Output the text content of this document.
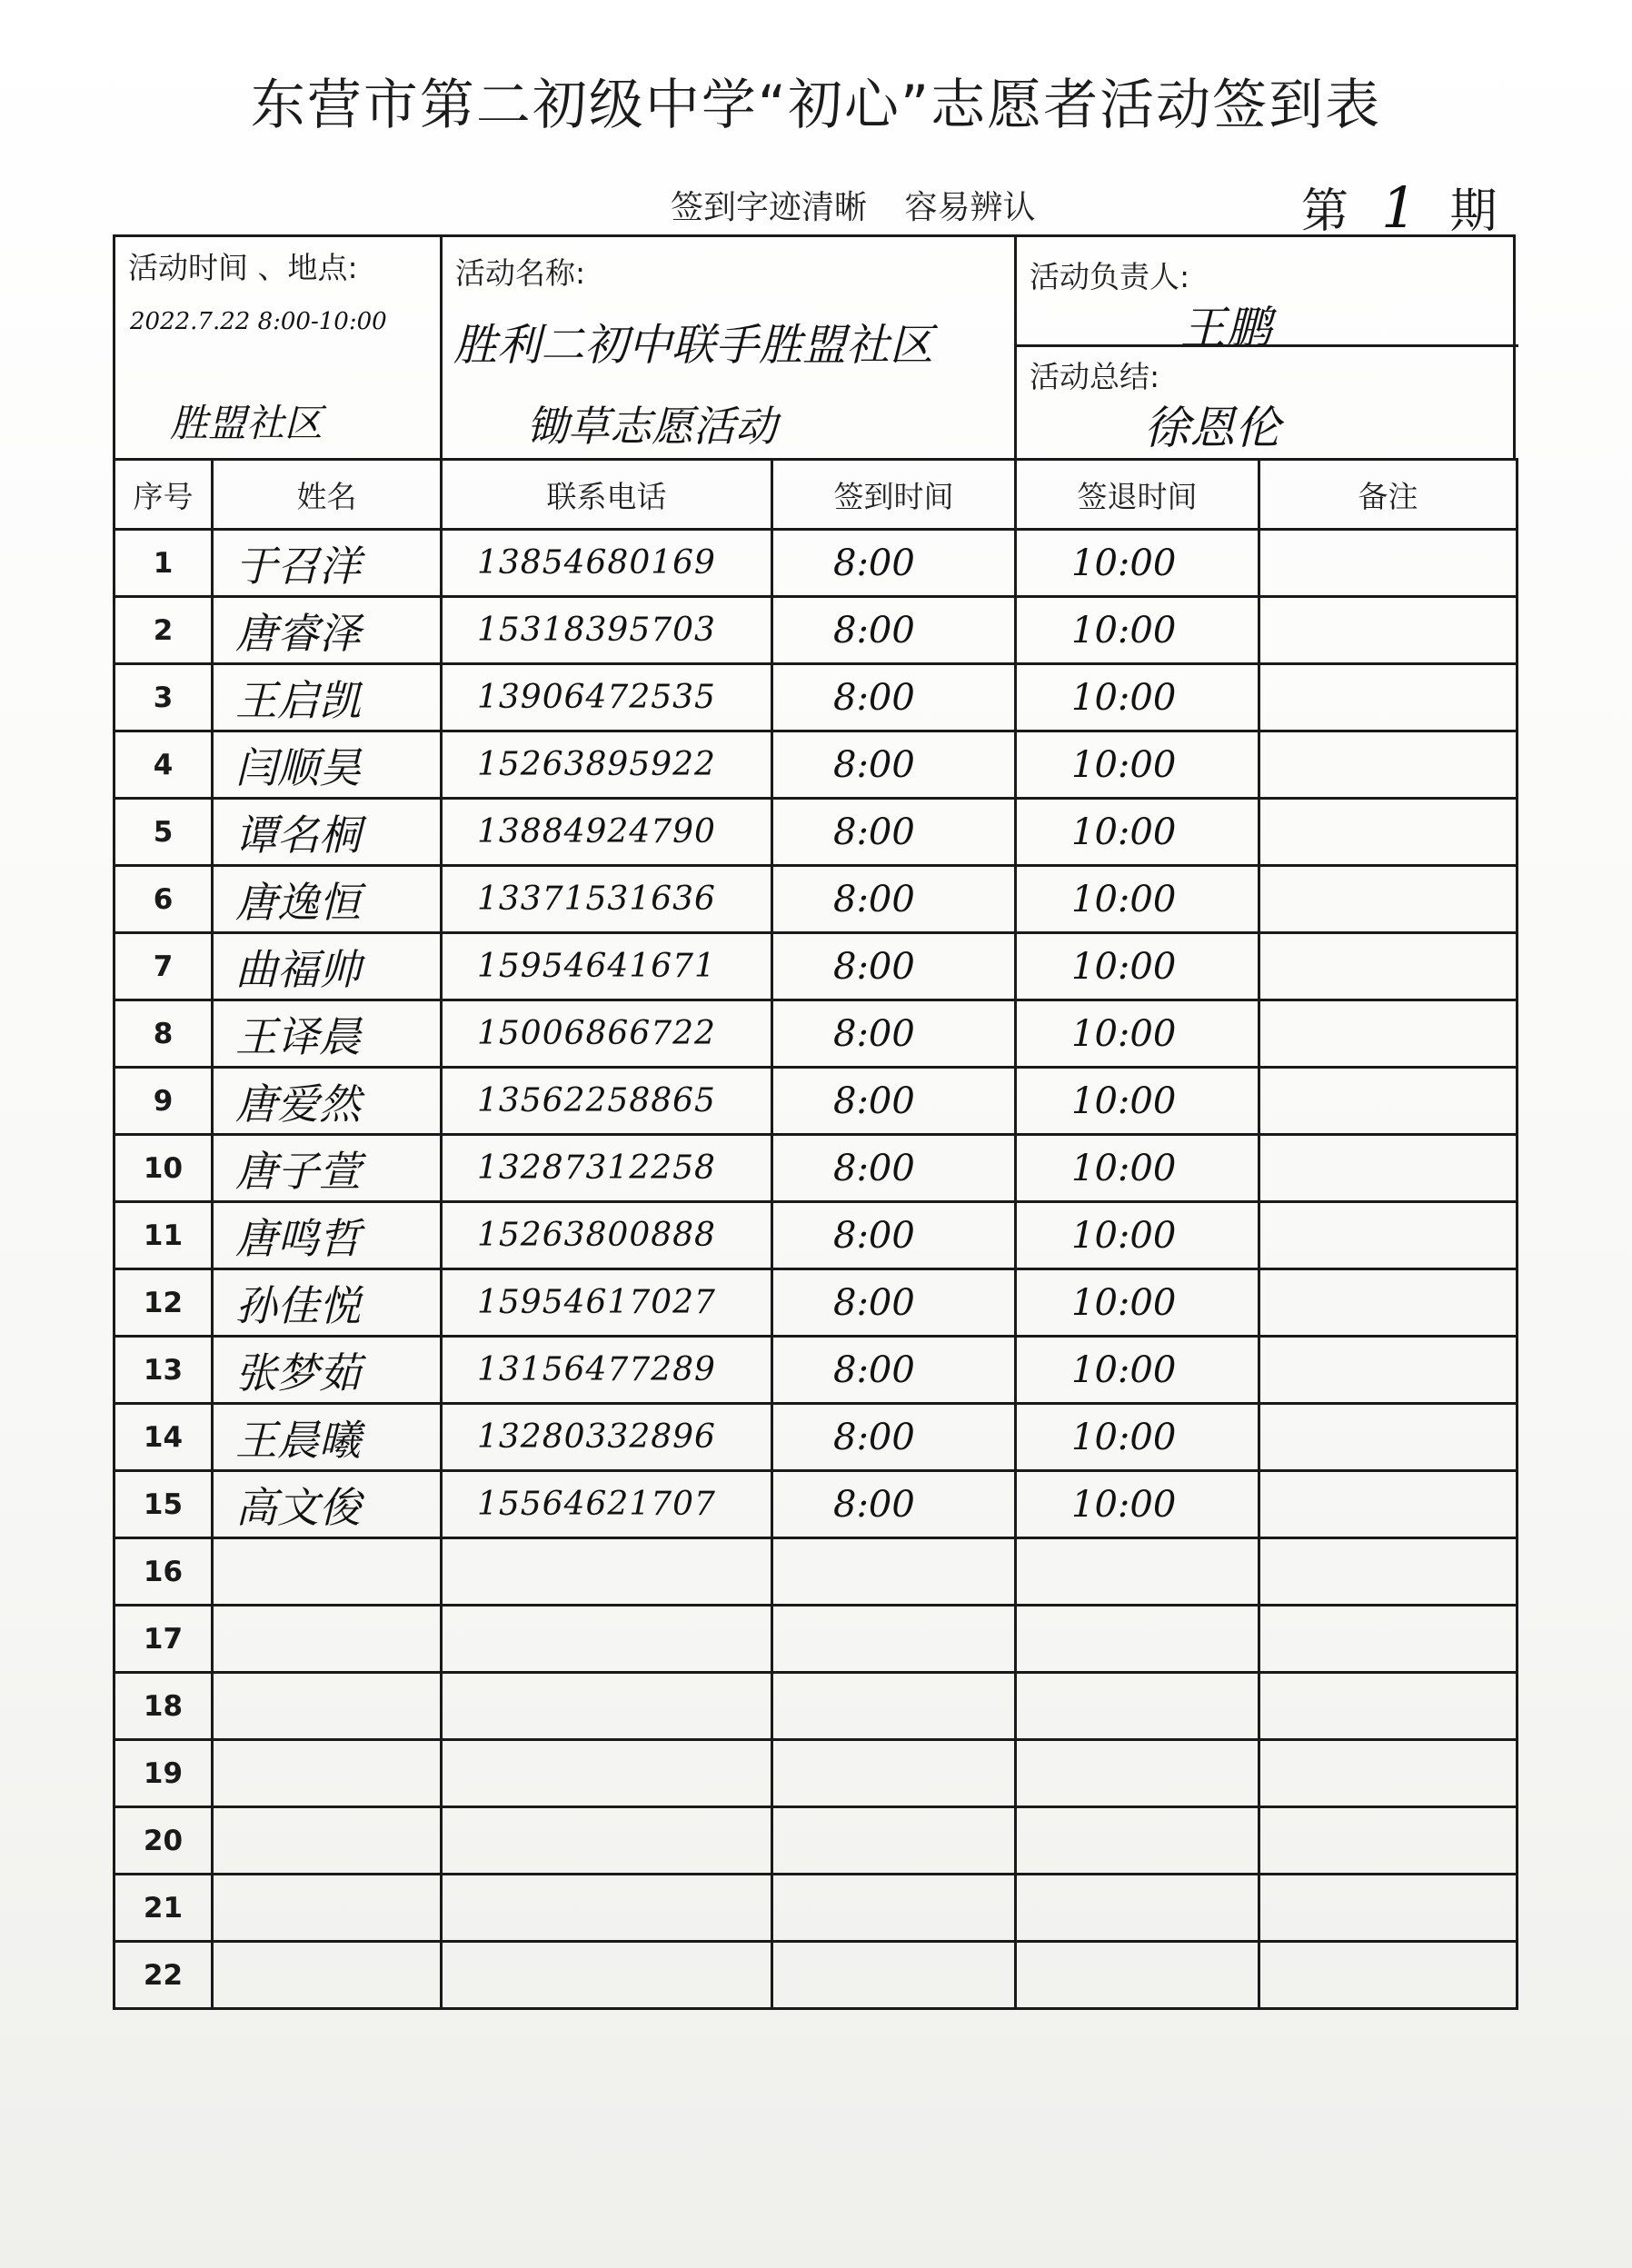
东营市第二初级中学“初心”志愿者活动签到表
签到字迹清晰 容易辨认	第 1 期
活动时间 、地点:
2022.7.22 8:00-10:00
胜盟社区
活动名称:
胜利二初中联手胜盟社区
锄草志愿活动
活动负责人:
王鹏
活动总结:
徐恩伦
序号	姓名	联系电话	签到时间	签退时间	备注
1	于召洋	13854680169	8:00	10:00	
2	唐睿泽	15318395703	8:00	10:00	
3	王启凯	13906472535	8:00	10:00	
4	闫顺昊	15263895922	8:00	10:00	
5	谭名桐	13884924790	8:00	10:00	
6	唐逸恒	13371531636	8:00	10:00	
7	曲福帅	15954641671	8:00	10:00	
8	王译晨	15006866722	8:00	10:00	
9	唐爱然	13562258865	8:00	10:00	
10	唐子萱	13287312258	8:00	10:00	
11	唐鸣哲	15263800888	8:00	10:00	
12	孙佳悦	15954617027	8:00	10:00	
13	张梦茹	13156477289	8:00	10:00	
14	王晨曦	13280332896	8:00	10:00	
15	高文俊	15564621707	8:00	10:00	
16					
17					
18					
19					
20					
21					
22					
